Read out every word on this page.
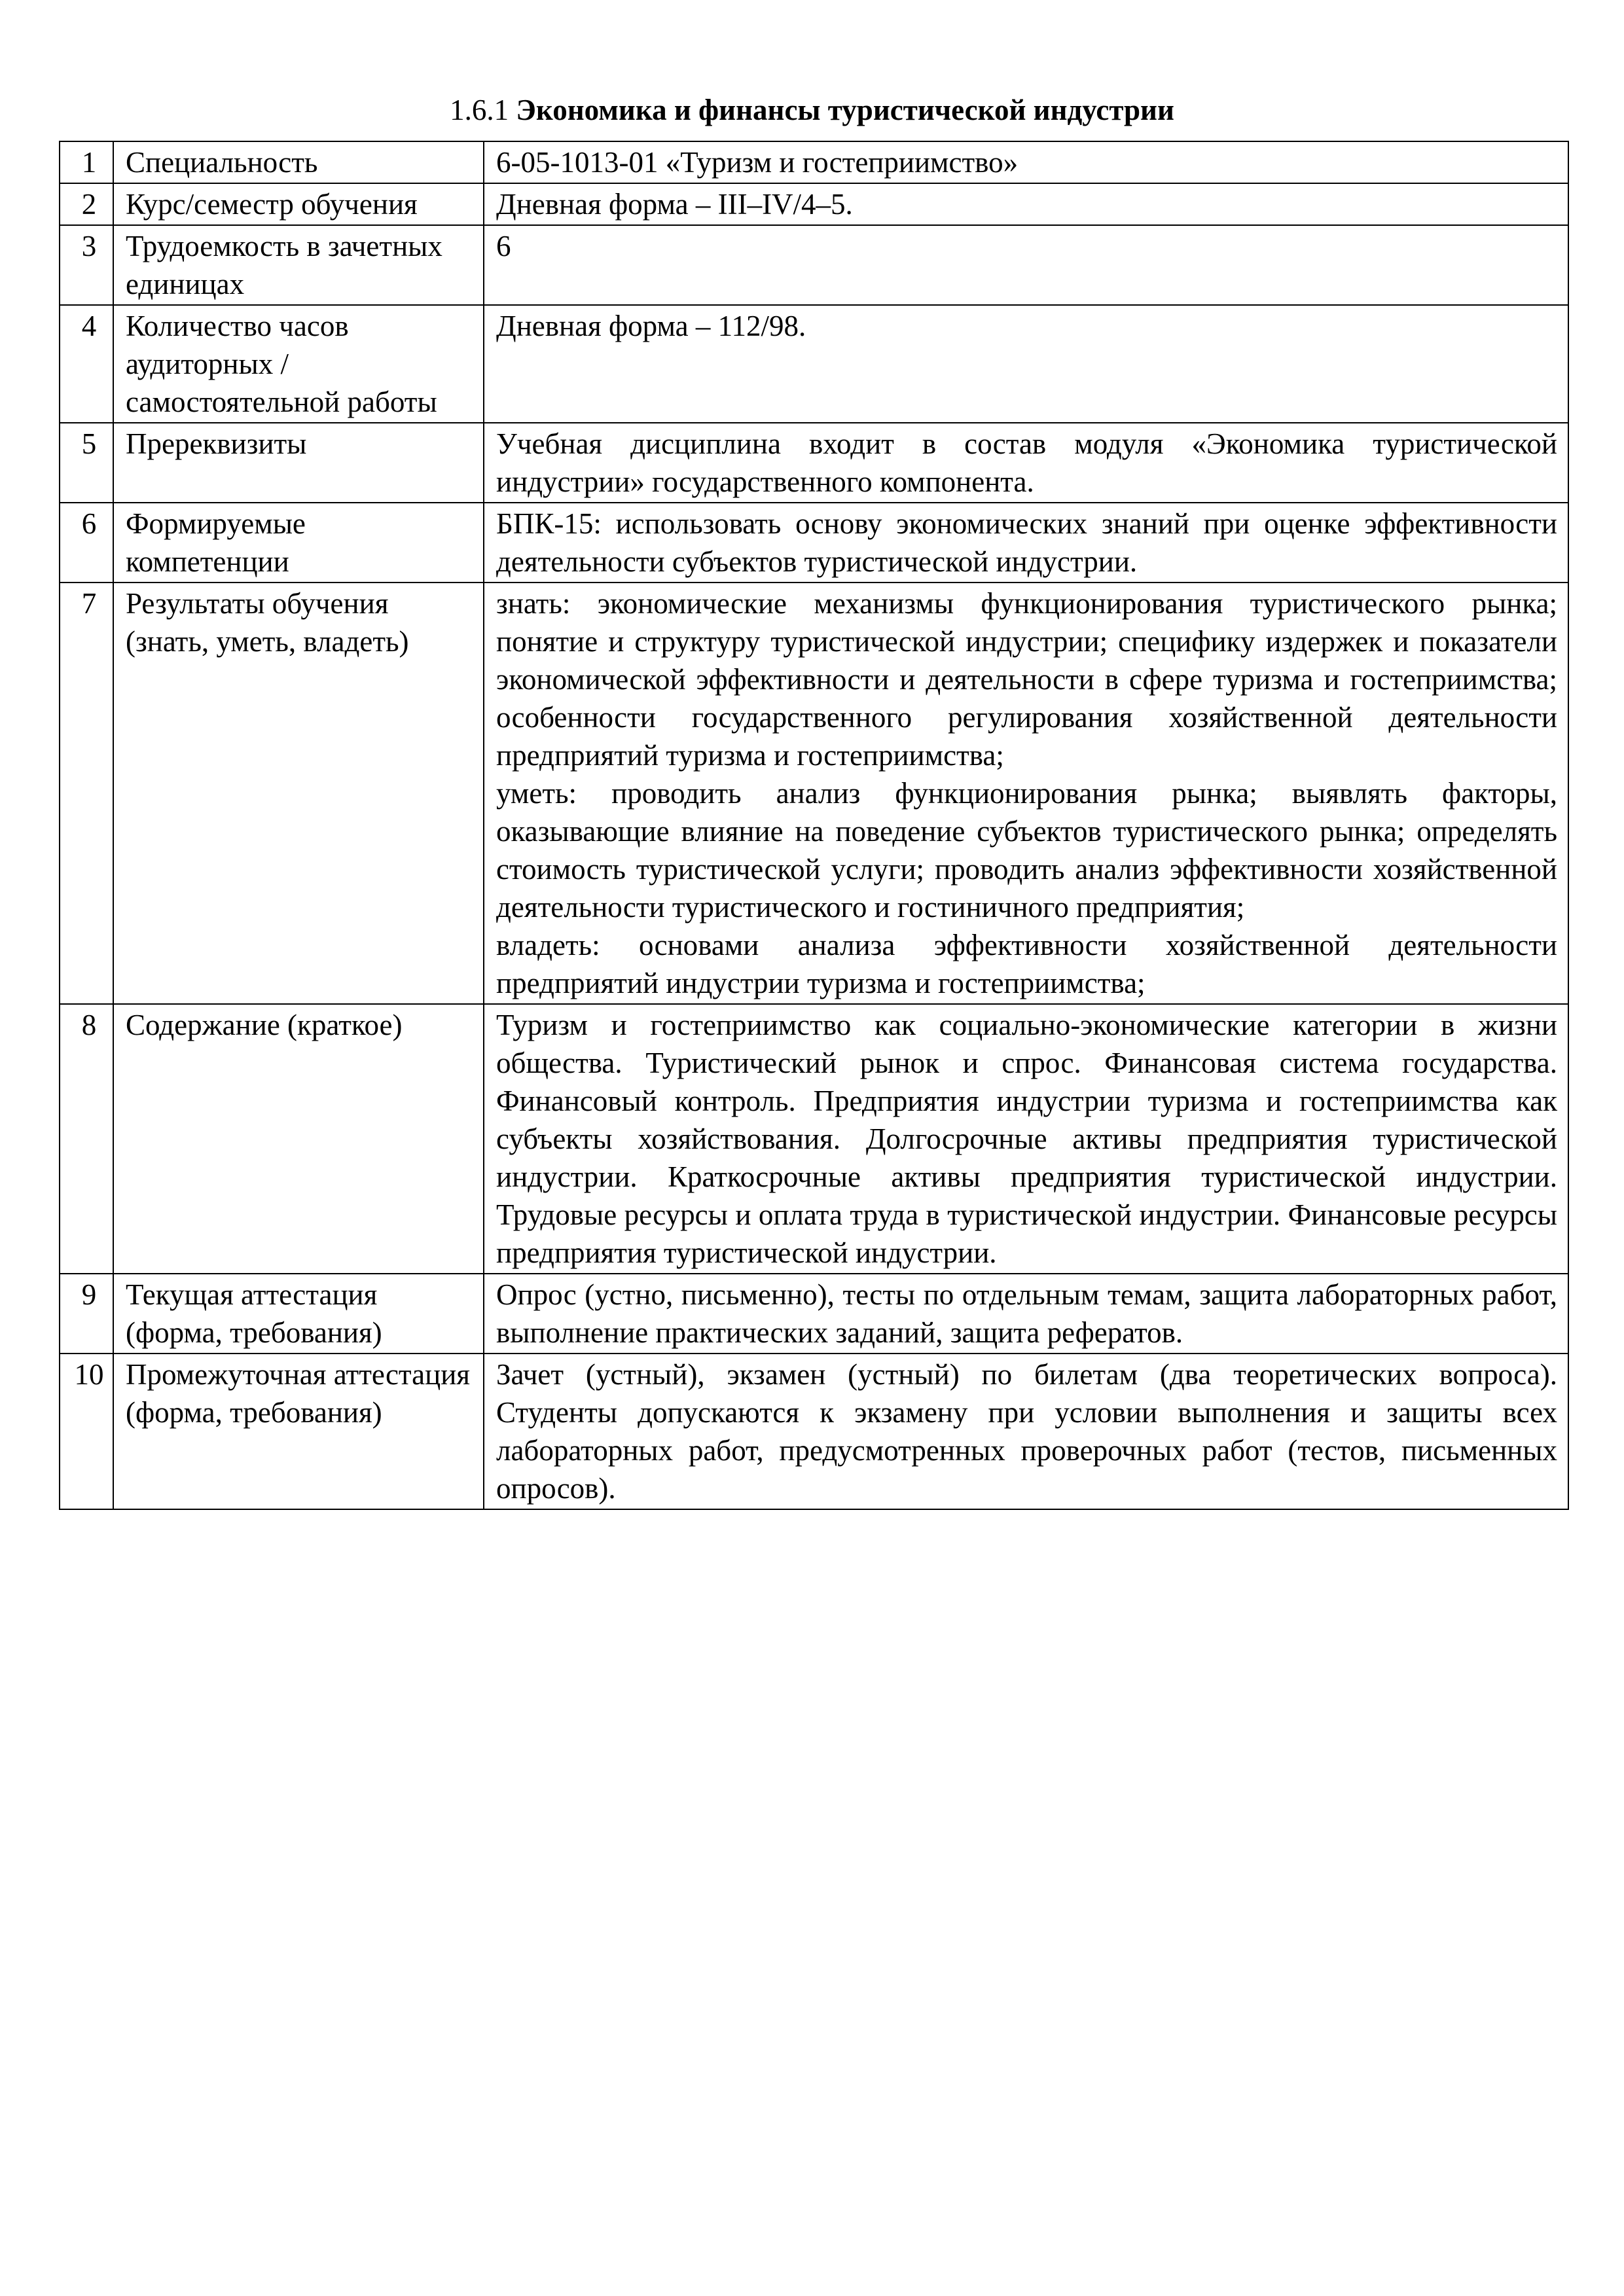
1.6.1 Экономика и финансы туристической индустрии
1	Специальность	6-05-1013-01 «Туризм и гостеприимство»

2	Курс/семестр обучения	Дневная форма – III–IV/4–5.

3	Трудоемкость в зачетных единицах	6

4	Количество часов аудиторных / самостоятельной работы	Дневная форма – 112/98.

5	Пререквизиты	Учебная дисциплина входит в состав модуля «Экономика туристической индустрии» государственного компонента.

6	Формируемые компетенции	БПК-15: использовать основу экономических знаний при оценке эффективности деятельности субъектов туристической индустрии.

7	Результаты обучения (знать, уметь, владеть)	знать: экономические механизмы функционирования туристического рынка; понятие и структуру туристической индустрии; специфику издержек и показатели экономической эффективности и деятельности в сфере туризма и гостеприимства; особенности государственного регулирования хозяйственной деятельности предприятий туризма и гостеприимства;
уметь: проводить анализ функционирования рынка; выявлять факторы, оказывающие влияние на поведение субъектов туристического рынка; определять стоимость туристической услуги; проводить анализ эффективности хозяйственной деятельности туристического и гостиничного предприятия;
владеть: основами анализа эффективности хозяйственной деятельности предприятий индустрии туризма и гостеприимства;

8	Содержание (краткое)	Туризм и гостеприимство как социально-экономические категории в жизни общества. Туристический рынок и спрос. Финансовая система государства. Финансовый контроль. Предприятия индустрии туризма и гостеприимства как субъекты хозяйствования. Долгосрочные активы предприятия туристической индустрии. Краткосрочные активы предприятия туристической индустрии. Трудовые ресурсы и оплата труда в туристической индустрии. Финансовые ресурсы предприятия туристической индустрии.

9	Текущая аттестация (форма, требования)	Опрос (устно, письменно), тесты по отдельным темам, защита лабораторных работ, выполнение практических заданий, защита рефератов.

10	Промежуточная аттестация (форма, требования)	Зачет (устный), экзамен (устный) по билетам (два теоретических вопроса). Студенты допускаются к экзамену при условии выполнения и защиты всех лабораторных работ, предусмотренных проверочных работ (тестов, письменных опросов).
